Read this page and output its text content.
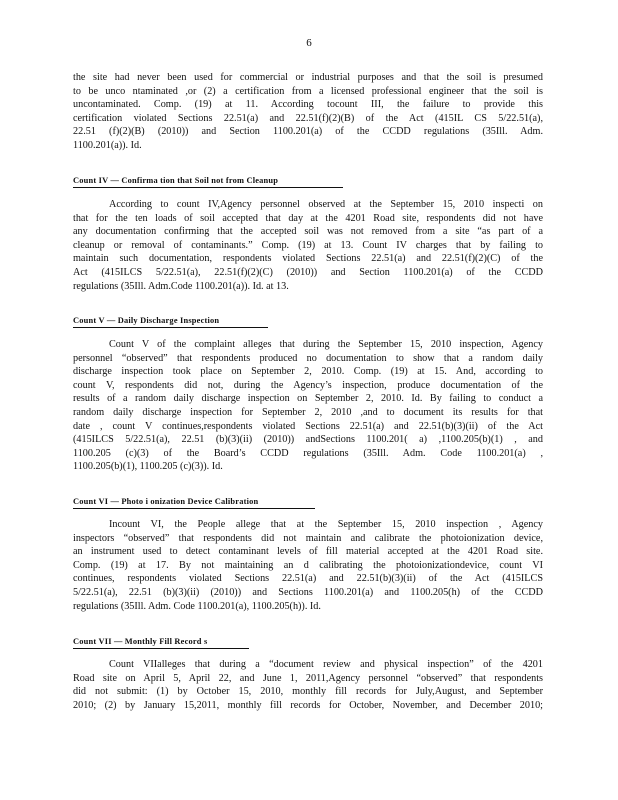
6
the site had never been used for commercial or industrial purposes and that the soil is presumed
to be unco ntaminated ,or (2) a certification from a licensed professional engineer that the soil is
uncontaminated. Comp. (19) at 11. According tocount III, the failure to provide this
certification violated Sections 22.51(a) and 22.51(f)(2)(B) of the Act (415IL CS 5/22.51(a),
22.51 (f)(2)(B) (2010)) and Section 1100.201(a) of the CCDD regulations (35Ill. Adm.
1100.201(a)). Id.
Count IV — Confirma tion that Soil not from Cleanup
According to count IV,Agency personnel observed at the September 15, 2010 inspecti on
that for the ten loads of soil accepted that day at the 4201 Road site, respondents did not have
any documentation confirming that the accepted soil was not removed from a site “as part of a
cleanup or removal of contaminants.” Comp. (19) at 13. Count IV charges that by failing to
maintain such documentation, respondents violated Sections 22.51(a) and 22.51(f)(2)(C) of the
Act (415ILCS 5/22.51(a), 22.51(f)(2)(C) (2010)) and Section 1100.201(a) of the CCDD
regulations (35Ill. Adm.Code 1100.201(a)). Id. at 13.
Count V — Daily Discharge Inspection
Count V of the complaint alleges that during the September 15, 2010 inspection, Agency
personnel “observed” that respondents produced no documentation to show that a random daily
discharge inspection took place on September 2, 2010. Comp. (19) at 15. And, according to
count V, respondents did not, during the Agency’s inspection, produce documentation of the
results of a random daily discharge inspection on September 2, 2010. Id. By failing to conduct a
random daily discharge inspection for September 2, 2010 ,and to document its results for that
date , count V continues,respondents violated Sections 22.51(a) and 22.51(b)(3)(ii) of the Act
(415ILCS 5/22.51(a), 22.51 (b)(3)(ii) (2010)) andSections 1100.201( a) ,1100.205(b)(1) , and
1100.205 (c)(3) of the Board’s CCDD regulations (35Ill. Adm. Code 1100.201(a) ,
1100.205(b)(1), 1100.205 (c)(3)). Id.
Count VI — Photo i onization Device Calibration
Incount VI, the People allege that at the September 15, 2010 inspection , Agency
inspectors “observed” that respondents did not maintain and calibrate the photoionization device,
an instrument used to detect contaminant levels of fill material accepted at the 4201 Road site.
Comp. (19) at 17. By not maintaining an d calibrating the photoionizationdevice, count VI
continues, respondents violated Sections 22.51(a) and 22.51(b)(3)(ii) of the Act (415ILCS
5/22.51(a), 22.51 (b)(3)(ii) (2010)) and Sections 1100.201(a) and 1100.205(h) of the CCDD
regulations (35Ill. Adm. Code 1100.201(a), 1100.205(h)). Id.
Count VII — Monthly Fill Record s
Count VIIalleges that during a “document review and physical inspection” of the 4201
Road site on April 5, April 22, and June 1, 2011,Agency personnel “observed” that respondents
did not submit: (1) by October 15, 2010, monthly fill records for July,August, and September
2010; (2) by January 15,2011, monthly fill records for October, November, and December 2010;
